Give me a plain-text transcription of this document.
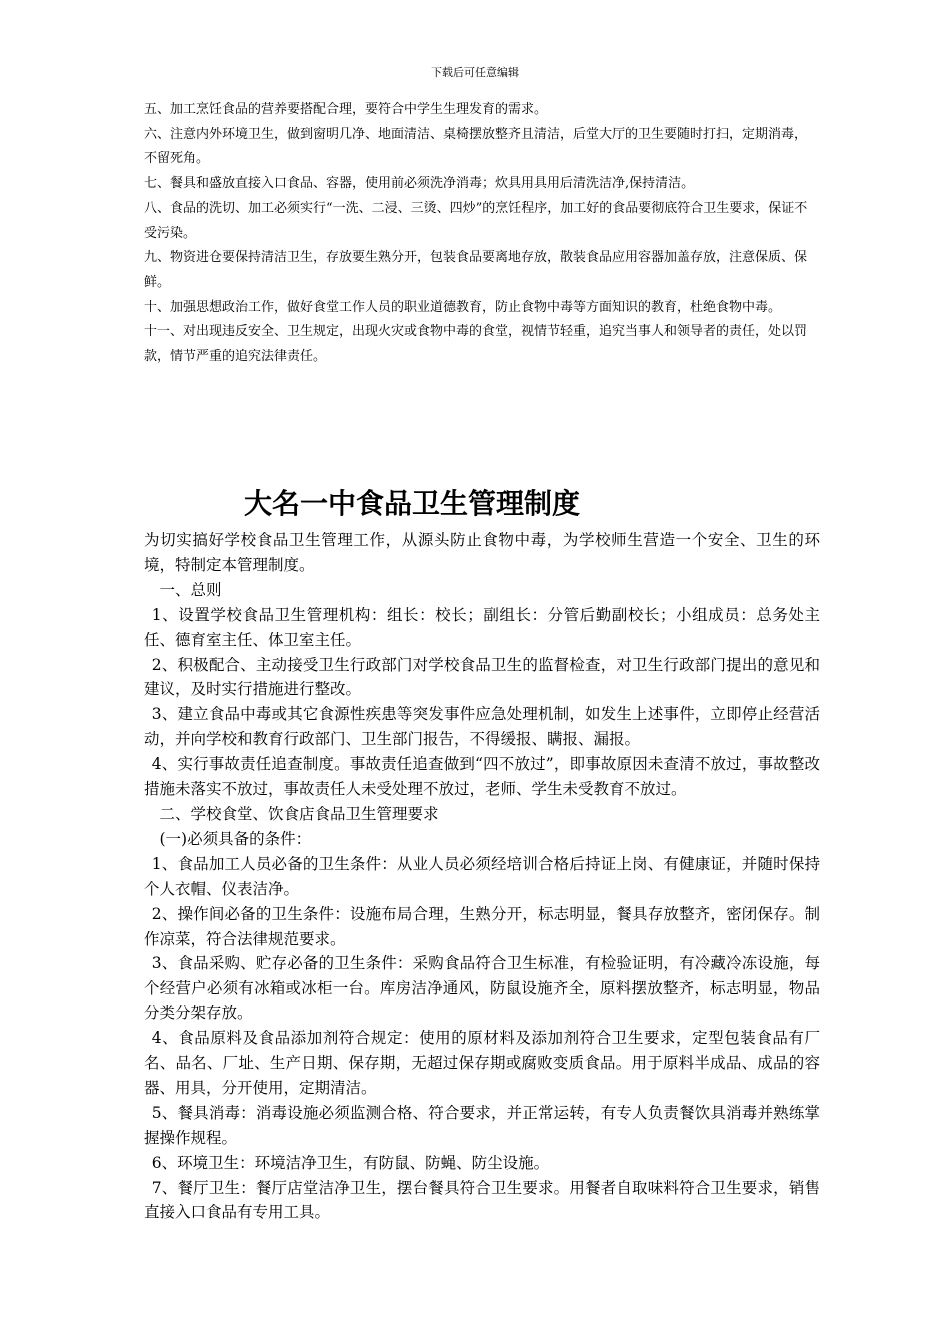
下载后可任意编辑

五、加工烹饪食品的营养要搭配合理，要符合中学生生理发育的需求。

六、注意内外环境卫生，做到窗明几净、地面清洁、桌椅摆放整齐且清洁，后堂大厅的卫生要随时打扫，定期消毒，不留死角。

七、餐具和盛放直接入口食品、容器，使用前必须洗净消毒；炊具用具用后清洗洁净,保持清洁。

八、食品的洗切、加工必须实行“一洗、二浸、三烫、四炒”的烹饪程序，加工好的食品要彻底符合卫生要求，保证不受污染。

九、物资进仓要保持清洁卫生，存放要生熟分开，包装食品要离地存放，散装食品应用容器加盖存放，注意保质、保鲜。

十、加强思想政治工作，做好食堂工作人员的职业道德教育，防止食物中毒等方面知识的教育，杜绝食物中毒。

十一、对出现违反安全、卫生规定，出现火灾或食物中毒的食堂，视情节轻重，追究当事人和领导者的责任，处以罚款，情节严重的追究法律责任。

大名一中食品卫生管理制度

为切实搞好学校食品卫生管理工作，从源头防止食物中毒，为学校师生营造一个安全、卫生的环境，特制定本管理制度。

一、总则

1、设置学校食品卫生管理机构：组长：校长；副组长：分管后勤副校长；小组成员：总务处主任、德育室主任、体卫室主任。

2、积极配合、主动接受卫生行政部门对学校食品卫生的监督检查，对卫生行政部门提出的意见和建议，及时实行措施进行整改。

3、建立食品中毒或其它食源性疾患等突发事件应急处理机制，如发生上述事件，立即停止经营活动，并向学校和教育行政部门、卫生部门报告，不得缓报、瞒报、漏报。

4、实行事故责任追查制度。事故责任追查做到“四不放过”，即事故原因未查清不放过，事故整改措施未落实不放过，事故责任人未受处理不放过，老师、学生未受教育不放过。

二、学校食堂、饮食店食品卫生管理要求

(一)必须具备的条件：

1、食品加工人员必备的卫生条件：从业人员必须经培训合格后持证上岗、有健康证，并随时保持个人衣帽、仪表洁净。

2、操作间必备的卫生条件：设施布局合理，生熟分开，标志明显，餐具存放整齐，密闭保存。制作凉菜，符合法律规范要求。

3、食品采购、贮存必备的卫生条件：采购食品符合卫生标准，有检验证明，有冷藏冷冻设施，每个经营户必须有冰箱或冰柜一台。库房洁净通风，防鼠设施齐全，原料摆放整齐，标志明显，物品分类分架存放。

4、食品原料及食品添加剂符合规定：使用的原材料及添加剂符合卫生要求，定型包装食品有厂名、品名、厂址、生产日期、保存期，无超过保存期或腐败变质食品。用于原料半成品、成品的容器、用具，分开使用，定期清洁。

5、餐具消毒：消毒设施必须监测合格、符合要求，并正常运转，有专人负责餐饮具消毒并熟练掌握操作规程。

6、环境卫生：环境洁净卫生，有防鼠、防蝇、防尘设施。

7、餐厅卫生：餐厅店堂洁净卫生，摆台餐具符合卫生要求。用餐者自取味料符合卫生要求，销售直接入口食品有专用工具。
